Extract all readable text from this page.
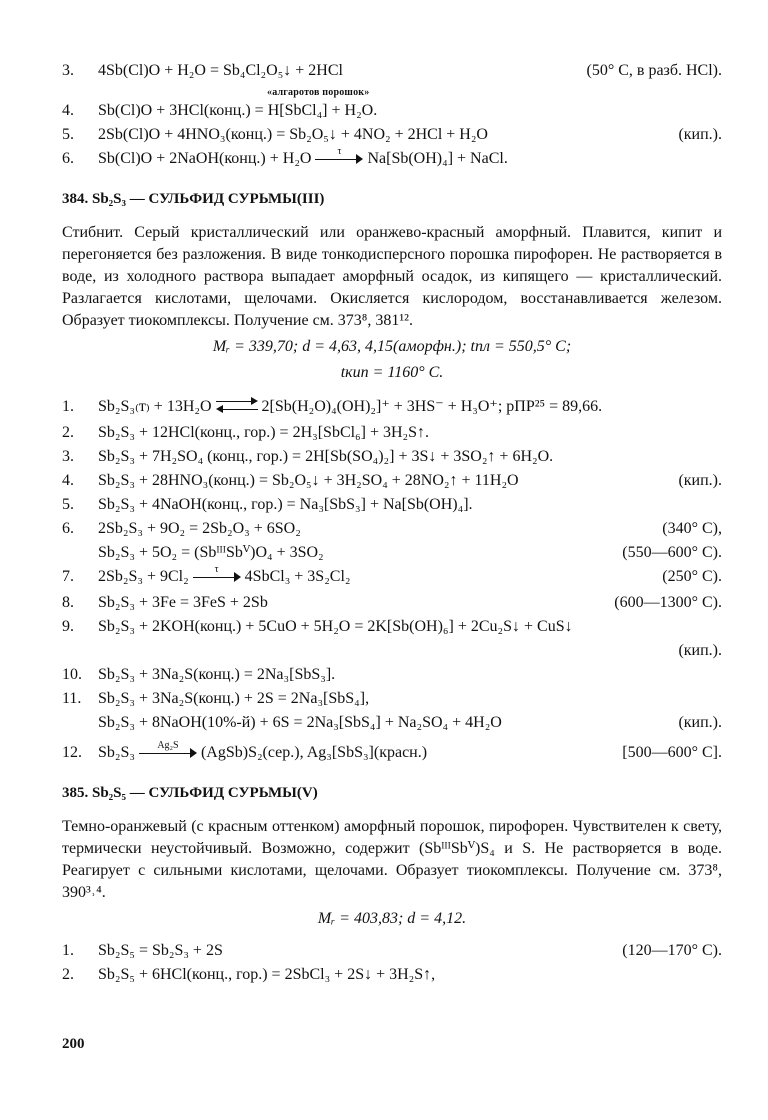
3.	4Sb(Cl)O + H₂O = Sb₄Cl₂O₅↓ + 2HCl	(50° C, в разб. HCl).
«алгаротов порошок»
4.	Sb(Cl)O + 3HCl(конц.) = H[SbCl₄] + H₂O.
5.	2Sb(Cl)O + 4HNO₃(конц.) = Sb₂O₅↓ + 4NO₂ + 2HCl + H₂O	(кип.).
6.	Sb(Cl)O + 2NaOH(конц.) + H₂O	τ	Na[Sb(OH)₄] + NaCl.
384. Sb₂S₃ — СУЛЬФИД СУРЬМЫ(III)
Стибнит. Серый кристаллический или оранжево-красный аморфный. Плавится, кипит и перегоняется без разложения. В виде тонкодисперсного порошка пирофорен. Не растворяется в воде, из холодного раствора выпадает аморфный осадок, из кипящего — кристаллический. Разлагается кислотами, щелочами. Окисляется кислородом, восстанавливается железом. Образует тиокомплексы. Получение см. 373⁸, 381¹².
Mᵣ = 339,70; d = 4,63, 4,15(аморфн.); tпл = 550,5° C;
tкип = 1160° C.
1.	Sb₂S₃₍т₎ + 13H₂O	2[Sb(H₂O)₄(OH)₂]⁺ + 3HS⁻ + H₃O⁺; pПР²⁵ = 89,66.
2.	Sb₂S₃ + 12HCl(конц., гор.) = 2H₃[SbCl₆] + 3H₂S↑.
3.	Sb₂S₃ + 7H₂SO₄ (конц., гор.) = 2H[Sb(SO₄)₂] + 3S↓ + 3SO₂↑ + 6H₂O.
4.	Sb₂S₃ + 28HNO₃(конц.) = Sb₂O₅↓ + 3H₂SO₄ + 28NO₂↑ + 11H₂O	(кип.).
5.	Sb₂S₃ + 4NaOH(конц., гор.) = Na₃[SbS₃] + Na[Sb(OH)₄].
6.	2Sb₂S₃ + 9O₂ = 2Sb₂O₃ + 6SO₂	(340° C),
Sb₂S₃ + 5O₂ = (SbᴵᴵᴵSbⱽ)O₄ + 3SO₂	(550—600° C).
7.	2Sb₂S₃ + 9Cl₂	τ	4SbCl₃ + 3S₂Cl₂	(250° C).
8.	Sb₂S₃ + 3Fe = 3FeS + 2Sb	(600—1300° C).
9.	Sb₂S₃ + 2KOH(конц.) + 5CuO + 5H₂O = 2K[Sb(OH)₆] + 2Cu₂S↓ + CuS↓
(кип.).
10.	Sb₂S₃ + 3Na₂S(конц.) = 2Na₃[SbS₃].
11.	Sb₂S₃ + 3Na₂S(конц.) + 2S = 2Na₃[SbS₄],
Sb₂S₃ + 8NaOH(10%-й) + 6S = 2Na₃[SbS₄] + Na₂SO₄ + 4H₂O	(кип.).
12.	Sb₂S₃	Ag₂S	(AgSb)S₂(сер.), Ag₃[SbS₃](красн.)	[500—600° C].
385. Sb₂S₅ — СУЛЬФИД СУРЬМЫ(V)
Темно-оранжевый (с красным оттенком) аморфный порошок, пирофорен. Чувствителен к свету, термически неустойчивый. Возможно, содержит (SbᴵᴵᴵSbⱽ)S₄ и S. Не растворяется в воде. Реагирует с сильными кислотами, щелочами. Образует тиокомплексы. Получение см. 373⁸, 390³˒⁴.
Mᵣ = 403,83; d = 4,12.
1.	Sb₂S₅ = Sb₂S₃ + 2S	(120—170° C).
2.	Sb₂S₅ + 6HCl(конц., гор.) = 2SbCl₃ + 2S↓ + 3H₂S↑,
200
